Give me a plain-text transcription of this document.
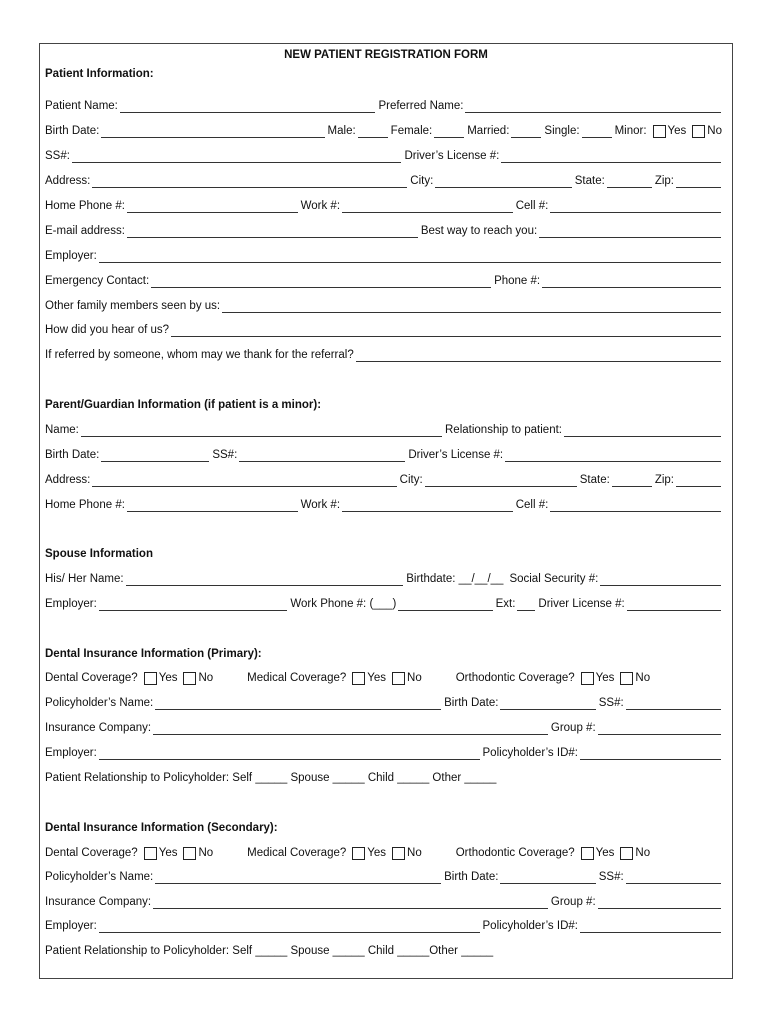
NEW PATIENT REGISTRATION FORM
Patient Information:
Patient Name:	Preferred Name:
Birth Date:	Male:	Female:	Married:	Single:	Minor: Yes No
SS#:	Driver’s License #:
Address:	City:	State:	Zip:
Home Phone #:	Work #:	Cell #:
E-mail address:	Best way to reach you:
Employer:
Emergency Contact:	Phone #:
Other family members seen by us:
How did you hear of us?
If referred by someone, whom may we thank for the referral?
Parent/Guardian Information (if patient is a minor):
Name:	Relationship to patient:
Birth Date:	SS#:	Driver’s License #:
Address:	City:	State:	Zip:
Home Phone #:	Work #:	Cell #:
Spouse Information
His/ Her Name:	Birthdate: __/__/__ Social Security #:
Employer:	Work Phone #: (___)	Ext: Driver License #:
Dental Insurance Information (Primary):
Dental Coverage? Yes No	Medical Coverage? Yes No	Orthodontic Coverage? Yes No
Policyholder’s Name:	Birth Date:	SS#:
Insurance Company:	Group #:
Employer:	Policyholder’s ID#:
Patient Relationship to Policyholder: Self _____ Spouse _____ Child _____ Other _____
Dental Insurance Information (Secondary):
Dental Coverage? Yes No	Medical Coverage? Yes No	Orthodontic Coverage? Yes No
Policyholder’s Name:	Birth Date:	SS#:
Insurance Company:	Group #:
Employer:	Policyholder’s ID#:
Patient Relationship to Policyholder: Self _____ Spouse _____ Child _____Other _____
